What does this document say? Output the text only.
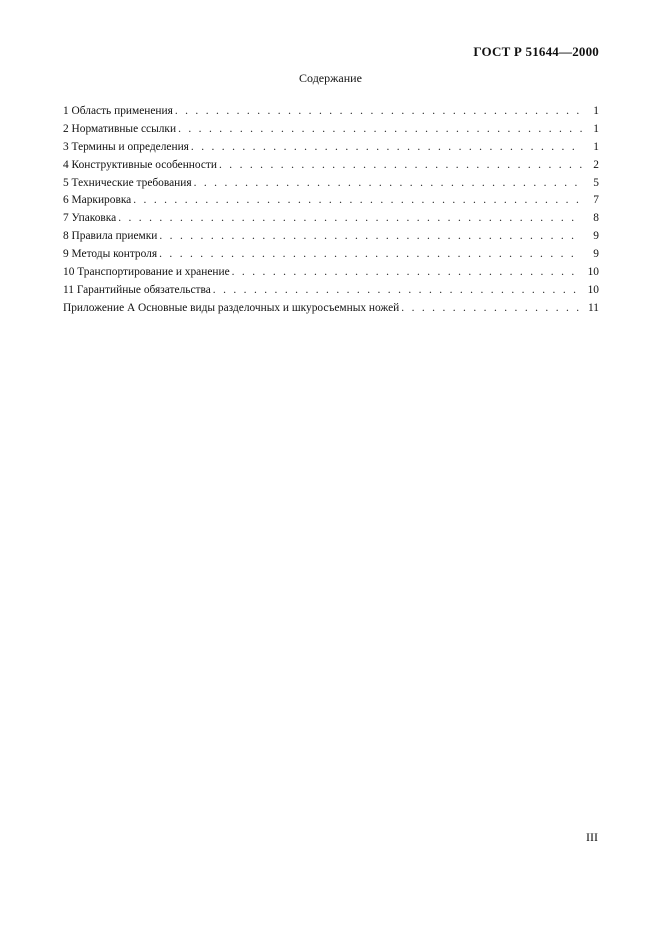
ГОСТ Р 51644—2000
Содержание
1 Область применения . . .	1
2 Нормативные ссылки . . .	1
3 Термины и определения . . .	1
4 Конструктивные особенности . . .	2
5 Технические требования . . .	5
6 Маркировка . . .	7
7 Упаковка . . .	8
8 Правила приемки . . .	9
9 Методы контроля . . .	9
10 Транспортирование и хранение . . .	10
11 Гарантийные обязательства . . .	10
Приложение А Основные виды разделочных и шкуросъемных ножей . . .	11
III
